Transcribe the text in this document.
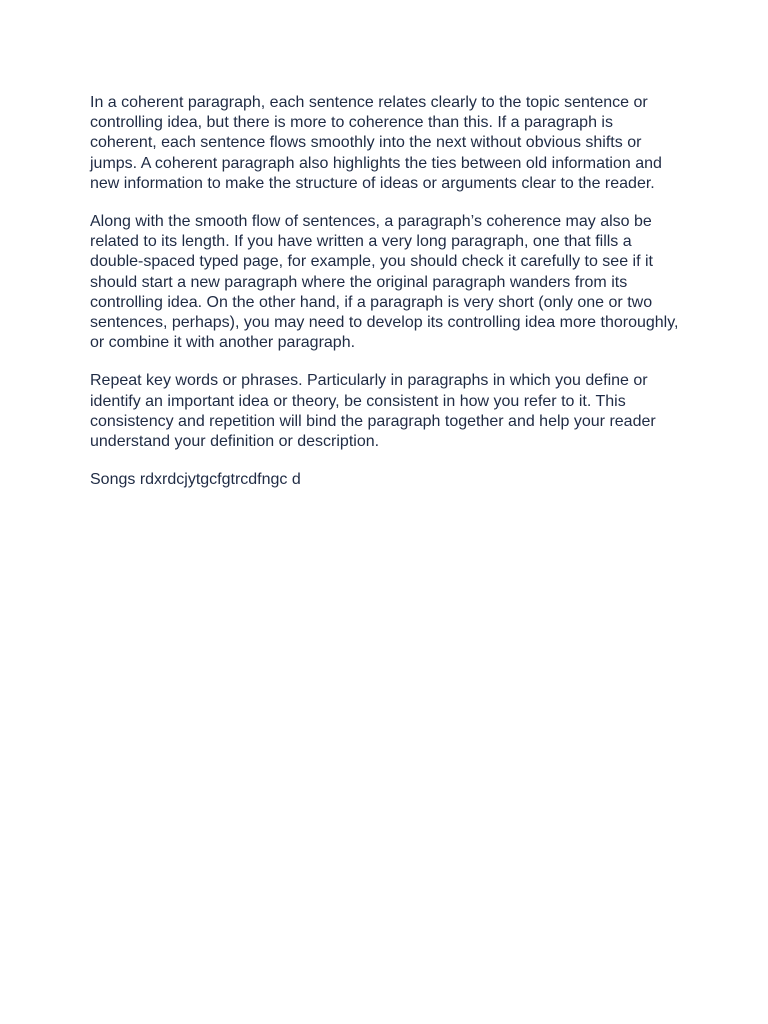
In a coherent paragraph, each sentence relates clearly to the topic sentence or controlling idea, but there is more to coherence than this. If a paragraph is coherent, each sentence flows smoothly into the next without obvious shifts or jumps. A coherent paragraph also highlights the ties between old information and new information to make the structure of ideas or arguments clear to the reader.

Along with the smooth flow of sentences, a paragraph’s coherence may also be related to its length. If you have written a very long paragraph, one that fills a double-spaced typed page, for example, you should check it carefully to see if it should start a new paragraph where the original paragraph wanders from its controlling idea. On the other hand, if a paragraph is very short (only one or two sentences, perhaps), you may need to develop its controlling idea more thoroughly, or combine it with another paragraph.

Repeat key words or phrases. Particularly in paragraphs in which you define or identify an important idea or theory, be consistent in how you refer to it. This consistency and repetition will bind the paragraph together and help your reader understand your definition or description.

Songs rdxrdcjytgcfgtrcdfngc d
